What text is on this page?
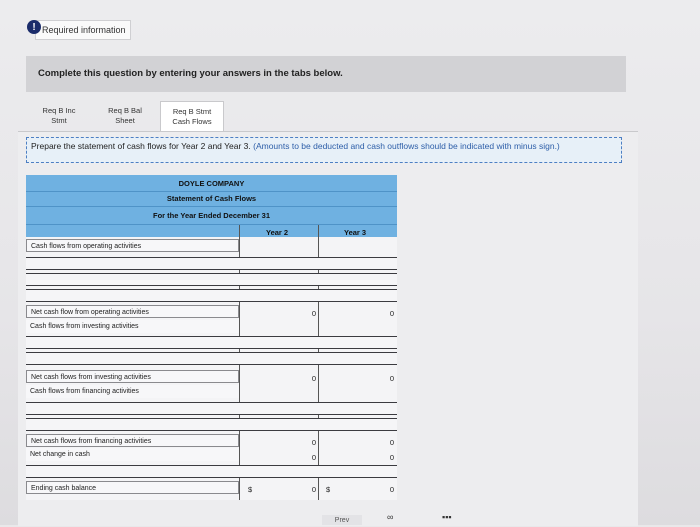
Required information
!
Complete this question by entering your answers in the tabs below.
Req B Inc
Stmt
Req B Bal
Sheet
Req B Stmt
Cash Flows
Prepare the statement of cash flows for Year 2 and Year 3. (Amounts to be deducted and cash outflows should be indicated with minus sign.)
DOYLE COMPANY
Statement of Cash Flows
For the Year Ended December 31
Year 2	Year 3
Cash flows from operating activities
Net cash flow from operating activities	0	0
Cash flows from investing activities
Net cash flows from investing activities	0	0
Cash flows from financing activities
Net cash flows from financing activities	0	0
Net change in cash	0	0
Ending cash balance	$	0 $	0
Prev	∞	▪▪▪
